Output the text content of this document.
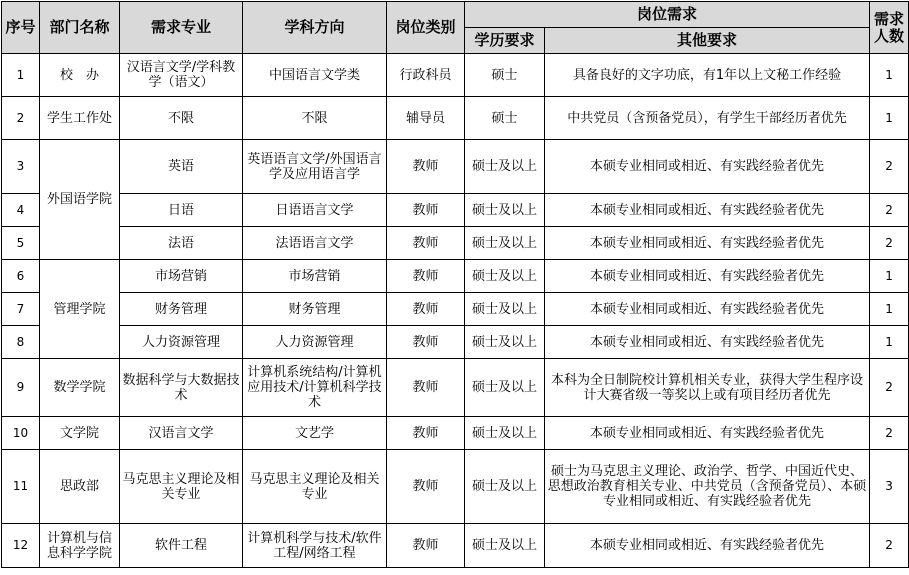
序号	部门名称	需求专业	学科方向	岗位类别	岗位需求		需求人数
					学历要求	其他要求	
1	校　办	汉语言文学/学科教学（语文）	中国语言文学类	行政科员	硕士	具备良好的文字功底，有1年以上文秘工作经验	1
2	学生工作处	不限	不限	辅导员	硕士	中共党员（含预备党员），有学生干部经历者优先	1
3	外国语学院	英语	英语语言文学/外国语言学及应用语言学	教师	硕士及以上	本硕专业相同或相近、有实践经验者优先	2
4		日语	日语语言文学	教师	硕士及以上	本硕专业相同或相近、有实践经验者优先	2
5		法语	法语语言文学	教师	硕士及以上	本硕专业相同或相近、有实践经验者优先	2
6	管理学院	市场营销	市场营销	教师	硕士及以上	本硕专业相同或相近、有实践经验者优先	1
7		财务管理	财务管理	教师	硕士及以上	本硕专业相同或相近、有实践经验者优先	1
8		人力资源管理	人力资源管理	教师	硕士及以上	本硕专业相同或相近、有实践经验者优先	1
9	数学学院	数据科学与大数据技术	计算机系统结构/计算机应用技术/计算机科学技术	教师	硕士及以上	本科为全日制院校计算机相关专业，获得大学生程序设计大赛省级一等奖以上或有项目经历者优先	2
10	文学院	汉语言文学	文艺学	教师	硕士及以上	本硕专业相同或相近、有实践经验者优先	2
11	思政部	马克思主义理论及相关专业	马克思主义理论及相关专业	教师	硕士及以上	硕士为马克思主义理论、政治学、哲学、中国近代史、思想政治教育相关专业、中共党员（含预备党员）、本硕专业相同或相近、有实践经验者优先	3
12	计算机与信息科学学院	软件工程	计算机科学与技术/软件工程/网络工程	教师	硕士及以上	本硕专业相同或相近、有实践经验者优先	2
